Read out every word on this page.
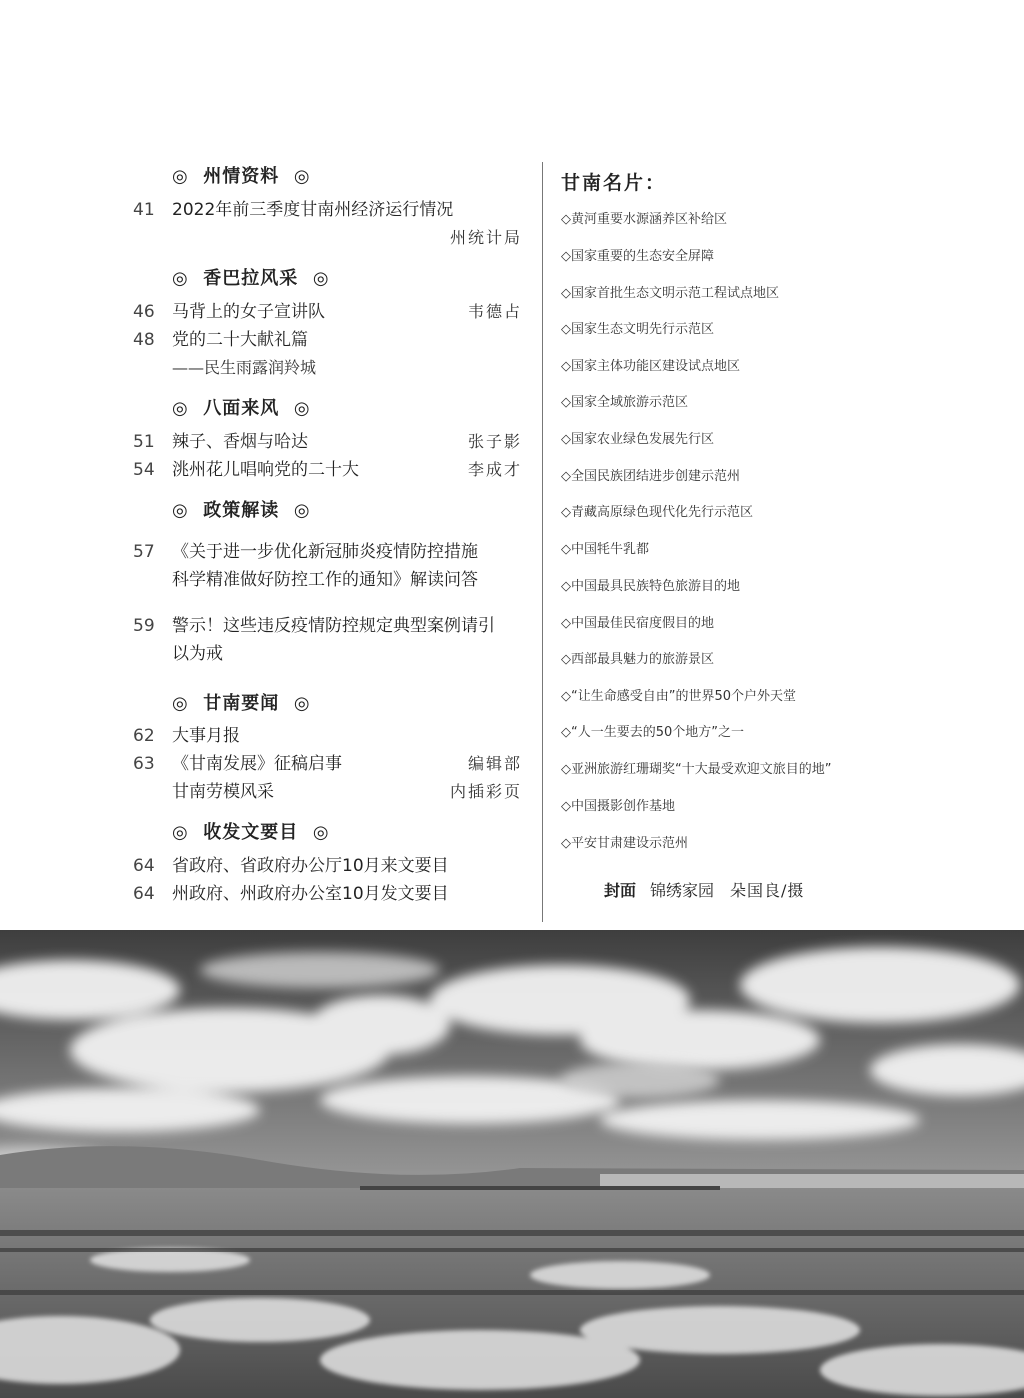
◎ 州情资料 ◎
41 2022年前三季度甘南州经济运行情况
州统计局
◎ 香巴拉风采 ◎
46 马背上的女子宣讲队	韦德占
48 党的二十大献礼篇
——民生雨露润羚城
◎ 八面来风 ◎
51 辣子、香烟与哈达	张子影
54 洮州花儿唱响党的二十大	李成才
◎ 政策解读 ◎
57 《关于进一步优化新冠肺炎疫情防控措施
科学精准做好防控工作的通知》解读问答
59 警示！这些违反疫情防控规定典型案例请引
以为戒
◎ 甘南要闻 ◎
62 大事月报
63 《甘南发展》征稿启事	编辑部
甘南劳模风采	内插彩页
◎ 收发文要目 ◎
64 省政府、省政府办公厅10月来文要目
64 州政府、州政府办公室10月发文要目
甘南名片：
◇黄河重要水源涵养区补给区
◇国家重要的生态安全屏障
◇国家首批生态文明示范工程试点地区
◇国家生态文明先行示范区
◇国家主体功能区建设试点地区
◇国家全域旅游示范区
◇国家农业绿色发展先行区
◇全国民族团结进步创建示范州
◇青藏高原绿色现代化先行示范区
◇中国牦牛乳都
◇中国最具民族特色旅游目的地
◇中国最佳民宿度假目的地
◇西部最具魅力的旅游景区
◇“让生命感受自由”的世界50个户外天堂
◇“人一生要去的50个地方”之一
◇亚洲旅游红珊瑚奖“十大最受欢迎文旅目的地”
◇中国摄影创作基地
◇平安甘肃建设示范州
封面 锦绣家园 朵国良/摄
